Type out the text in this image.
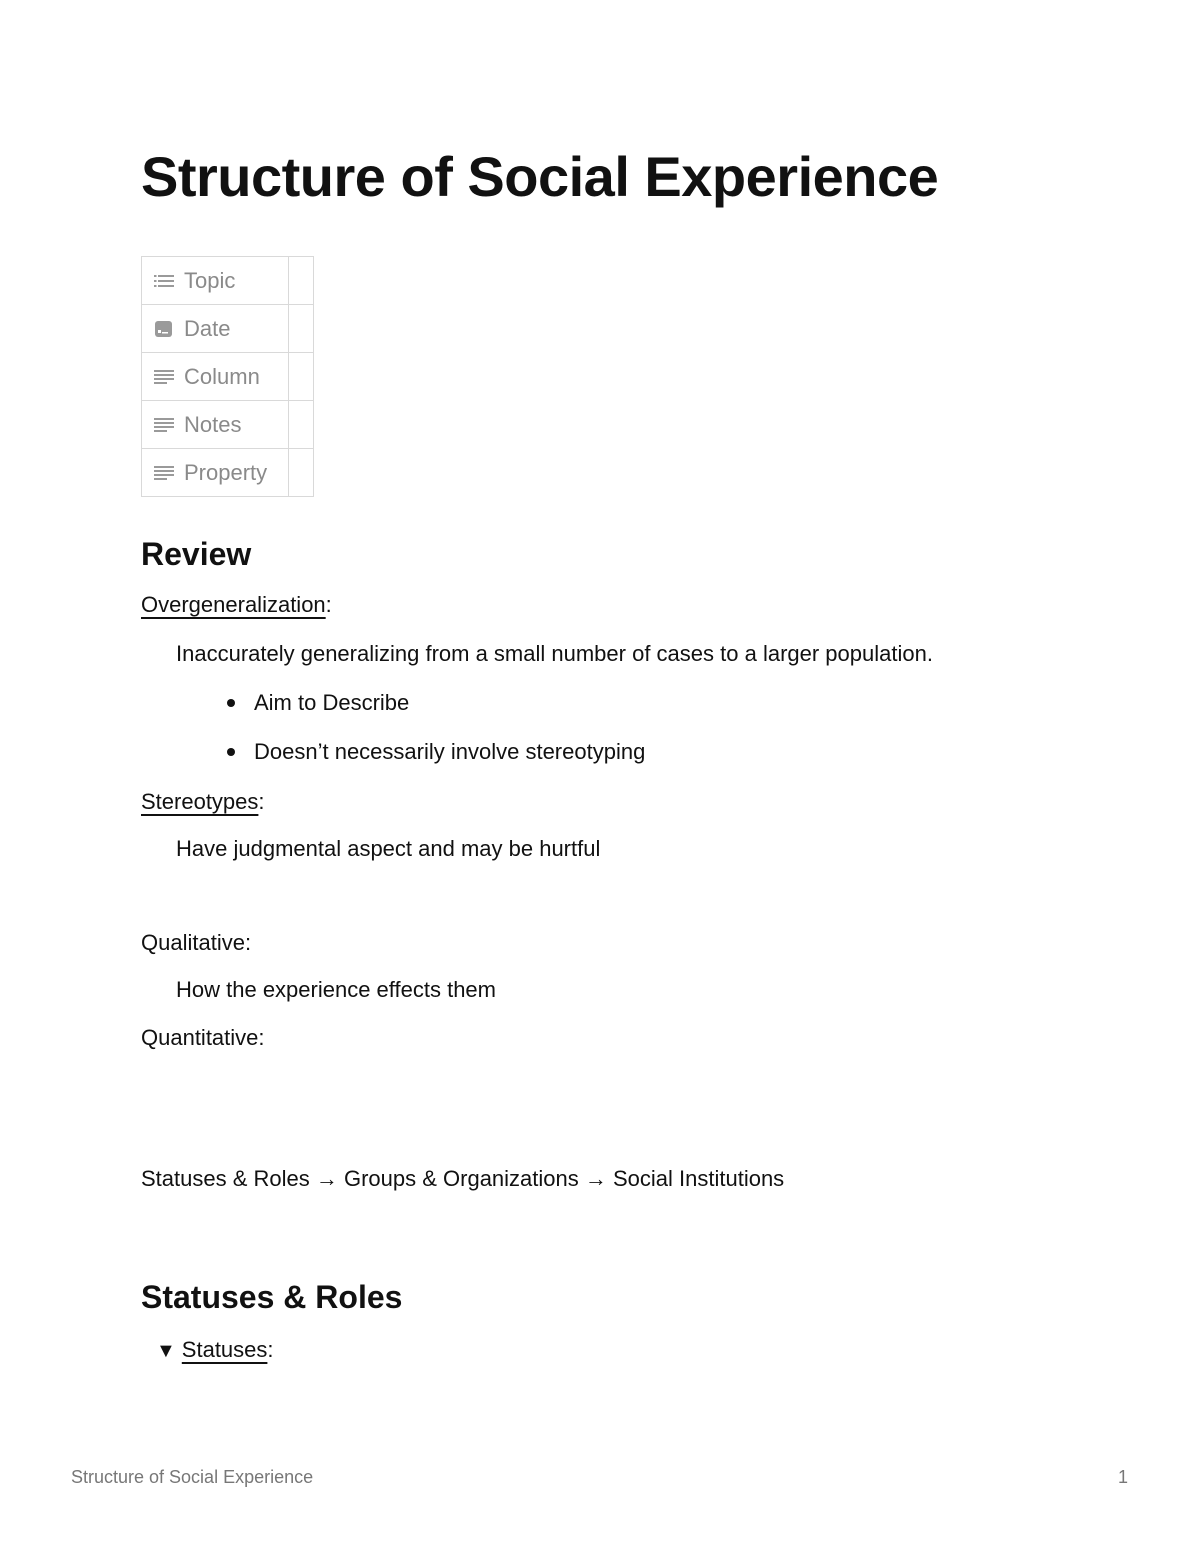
Structure of Social Experience
Topic	

Date	

Column	

Notes	

Property	

Review
Overgeneralization:
Inaccurately generalizing from a small number of cases to a larger population.
Aim to Describe
Doesn’t necessarily involve stereotyping
Stereotypes:
Have judgmental aspect and may be hurtful
Qualitative:
How the experience effects them
Quantitative:
Statuses & Roles → Groups & Organizations → Social Institutions
Statuses & Roles
▼ Statuses:
Structure of Social Experience	1
